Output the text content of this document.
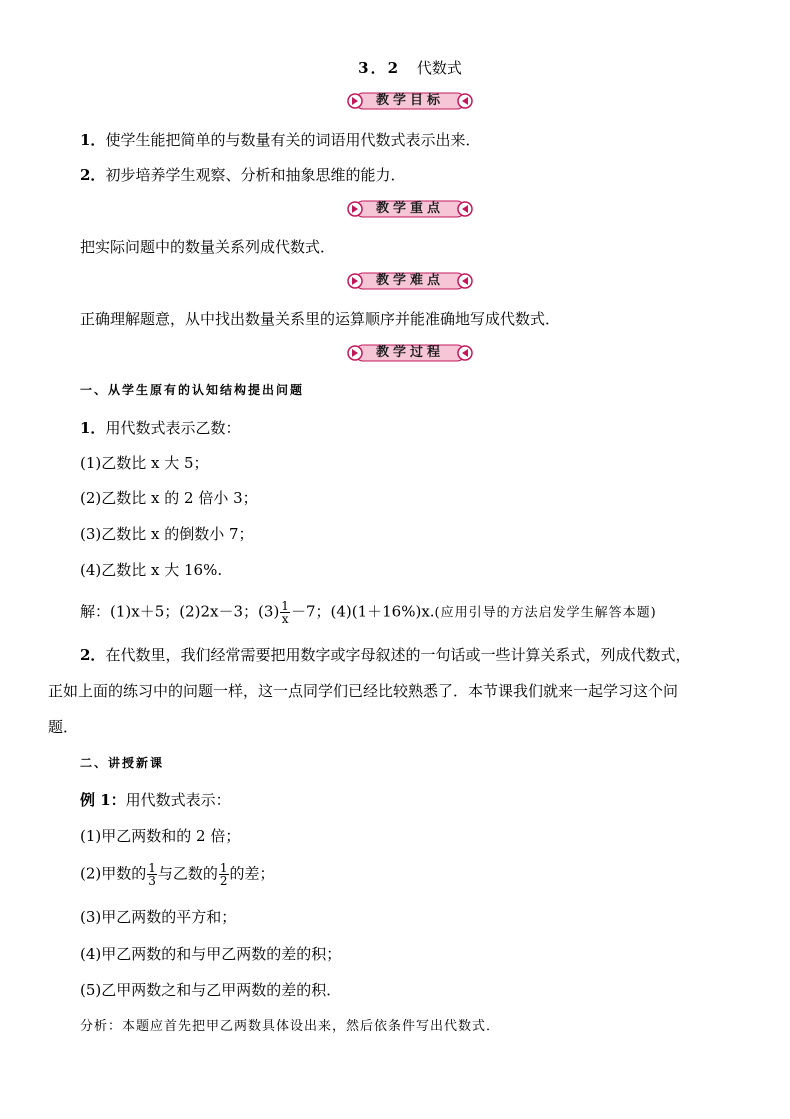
3．2 代数式
教学目标
1．使学生能把简单的与数量有关的词语用代数式表示出来．
2．初步培养学生观察、分析和抽象思维的能力．
教学重点
把实际问题中的数量关系列成代数式．
教学难点
正确理解题意，从中找出数量关系里的运算顺序并能准确地写成代数式．
教学过程
一、从学生原有的认知结构提出问题
1．用代数式表示乙数：
(1)乙数比 x 大 5；
(2)乙数比 x 的 2 倍小 3；
(3)乙数比 x 的倒数小 7；
(4)乙数比 x 大 16%.
解：(1)x＋5；(2)2x－3；$(3) \frac{1}{x} -7$；(4)(1＋16%)x.(应用引导的方法启发学生解答本题)
2．在代数里，我们经常需要把用数字或字母叙述的一句话或一些计算关系式，列成代数式，
正如上面的练习中的问题一样，这一点同学们已经比较熟悉了．本节课我们就来一起学习这个问
题．
二、讲授新课
例 1：用代数式表示：
(1)甲乙两数和的 2 倍；
(2)甲数的 $\frac{1}{3}$ 与乙数的 $\frac{1}{2}$ 的差；
(3)甲乙两数的平方和；
(4)甲乙两数的和与甲乙两数的差的积；
(5)乙甲两数之和与乙甲两数的差的积．
分析：本题应首先把甲乙两数具体设出来，然后依条件写出代数式．
